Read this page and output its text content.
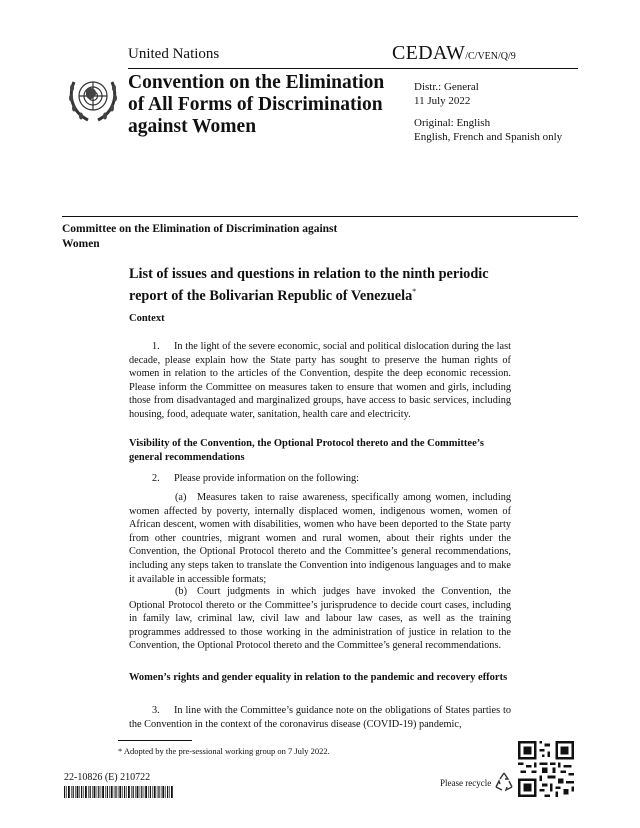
United Nations	CEDAW/C/VEN/Q/9
Convention on the Elimination of All Forms of Discrimination against Women
Distr.: General
11 July 2022
Original: English
English, French and Spanish only
Committee on the Elimination of Discrimination against Women
List of issues and questions in relation to the ninth periodic report of the Bolivarian Republic of Venezuela*
Context
1. In the light of the severe economic, social and political dislocation during the last decade, please explain how the State party has sought to preserve the human rights of women in relation to the articles of the Convention, despite the deep economic recession. Please inform the Committee on measures taken to ensure that women and girls, including those from disadvantaged and marginalized groups, have access to basic services, including housing, food, adequate water, sanitation, health care and electricity.
Visibility of the Convention, the Optional Protocol thereto and the Committee’s general recommendations
2. Please provide information on the following:
(a) Measures taken to raise awareness, specifically among women, including women affected by poverty, internally displaced women, indigenous women, women of African descent, women with disabilities, women who have been deported to the State party from other countries, migrant women and rural women, about their rights under the Convention, the Optional Protocol thereto and the Committee’s general recommendations, including any steps taken to translate the Convention into indigenous languages and to make it available in accessible formats;
(b) Court judgments in which judges have invoked the Convention, the Optional Protocol thereto or the Committee’s jurisprudence to decide court cases, including in family law, criminal law, civil law and labour law cases, as well as the training programmes addressed to those working in the administration of justice in relation to the Convention, the Optional Protocol thereto and the Committee’s general recommendations.
Women’s rights and gender equality in relation to the pandemic and recovery efforts
3. In line with the Committee’s guidance note on the obligations of States parties to the Convention in the context of the coronavirus disease (COVID-19) pandemic,
* Adopted by the pre-sessional working group on 7 July 2022.
22-10826 (E) 210722	Please recycle
